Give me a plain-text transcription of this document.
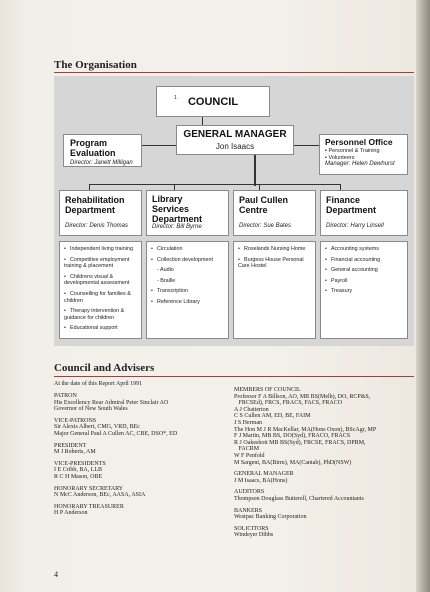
The Organisation
1	COUNCIL
GENERAL MANAGER
Jon Isaacs
Program
Evaluation
Director: Janett Milligan
Personnel Office
▪ Personnel & Training
▪ Volunteers
Manager: Helen Dewhurst
Rehabilitation
Department
Director: Denis Thomas
Library
Services
Department
Director: Bill Byrne
Paul Cullen
Centre
Director: Sue Bates
Finance
Department
Director: Harry Linsell
• Independent living training
• Competitive employment training & placement
• Childrens visual & developmental assessment
• Counselling for families & children
• Therapy intervention & guidance for children
• Educational support
• Circulation
• Collection development
- Audio
- Braille
• Transcription
• Reference Library
• Roselands Nursing Home
• Burgess House Personal Care Hostel
• Accounting systems
• Financial accounting
• General accounting
• Payroll
• Treasury
Council and Advisers
At the date of this Report April 1991
PATRON
His Excellency Rear Admiral Peter Sinclair AO
Governor of New South Wales
VICE-PATRONS
Sir Alexis Albert, CMG, VRD, BEc
Major General Paul A Cullen AC, CBE, DSO*, ED
PRESIDENT
M J Roberts, AM
VICE-PRESIDENTS
I E Cribb, BA, LLB
R C H Mason, OBE
HONORARY SECRETARY
N McC Anderson, BEc, AASA, ASIA
HONORARY TREASURER
H P Anderson
MEMBERS OF COUNCIL
Professor F A Billson, AO, MB BS(Melb), DO, RCP&S,
FRCSEd), FRCS, FRACS, FACS, FRACO
A J Chatterton
C S Cullen AM, ED, BE, FAIM
J S Herman
The Hon M J R MacKellar, MA(Hons Oxon), BScAgr, MP
F J Martin, MB BS, DO(Syd), FRACO, FRACS
R J Oakeshott MB BS(Syd), FRCSE, FRACS, DPRM,
FACRM
W F Penfold
M Sargent, BA(Birm), MA(Cantab), PhD(NSW)
GENERAL MANAGER
J M Isaacs, BA(Hons)
AUDITORS
Thompson Douglass Butterell, Chartered Accountants
BANKERS
Westpac Banking Corporation
SOLICITORS
Windeyer Dibbs
4
